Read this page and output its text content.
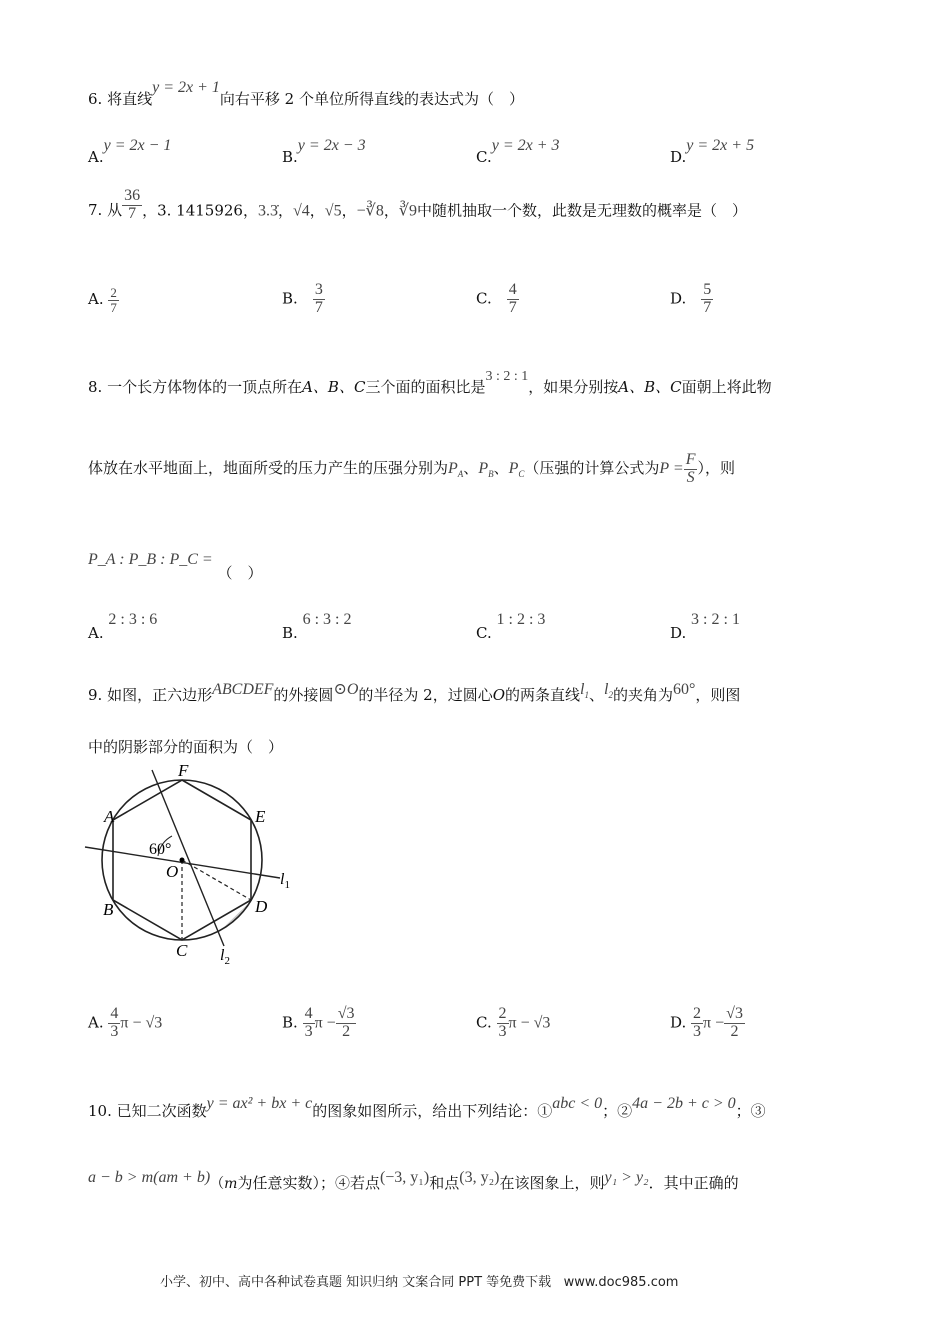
6. 将直线y = 2x + 1向右平移 2 个单位所得直线的表达式为（　）
A.y = 2x − 1
B.y = 2x − 3
C.y = 2x + 3
D.y = 2x + 5
7. 从 $\frac{36}{7}$ ，3. 1415926，3.3̇，√4，√5，−∛8，∛9中随机抽取一个数，此数是无理数的概率是（　）
A. $\frac{2}{7}$	B.　 $\frac{3}{7}$	C.　 $\frac{4}{7}$	D.　 $\frac{5}{7}$
8. 一个长方体物体的一顶点所在A、B、C三个面的面积比是3 : 2 : 1，如果分别按A、B、C面朝上将此物
体放在水平地面上，地面所受的压力产生的压强分别为$P_A$、$P_B$、$P_C$（压强的计算公式为$P = \frac{F}{S}$ ），则
P_A : P_B : P_C = （　）
A. 2 : 3 : 6
B. 6 : 3 : 2
C. 1 : 2 : 3
D. 3 : 2 : 1
9. 如图，正六边形ABCDEF的外接圆⊙O的半径为 2，过圆心O的两条直线$l_1$、$l_2$的夹角为60°，则图
中的阴影部分的面积为（　）
F
A	E
B	D
C
O
60°
$l_1$
$l_2$
A. $\frac{4}{3}$ π − √3	B. $\frac{4}{3}$ $\pi - \frac{√3}{2}$	C. $\frac{2}{3}$ π − √3	D. $\frac{2}{3}$ $\pi - \frac{√3}{2}$
10. 已知二次函数y = ax² + bx + c的图象如图所示，给出下列结论：①abc < 0；②4a − 2b + c > 0；③
a − b > m(am + b)（m为任意实数）；④若点(−3, y₁)和点(3, y₂)在该图象上，则y₁ > y₂．其中正确的
小学、初中、高中各种试卷真题 知识归纳 文案合同 PPT 等免费下载 www.doc985.com
